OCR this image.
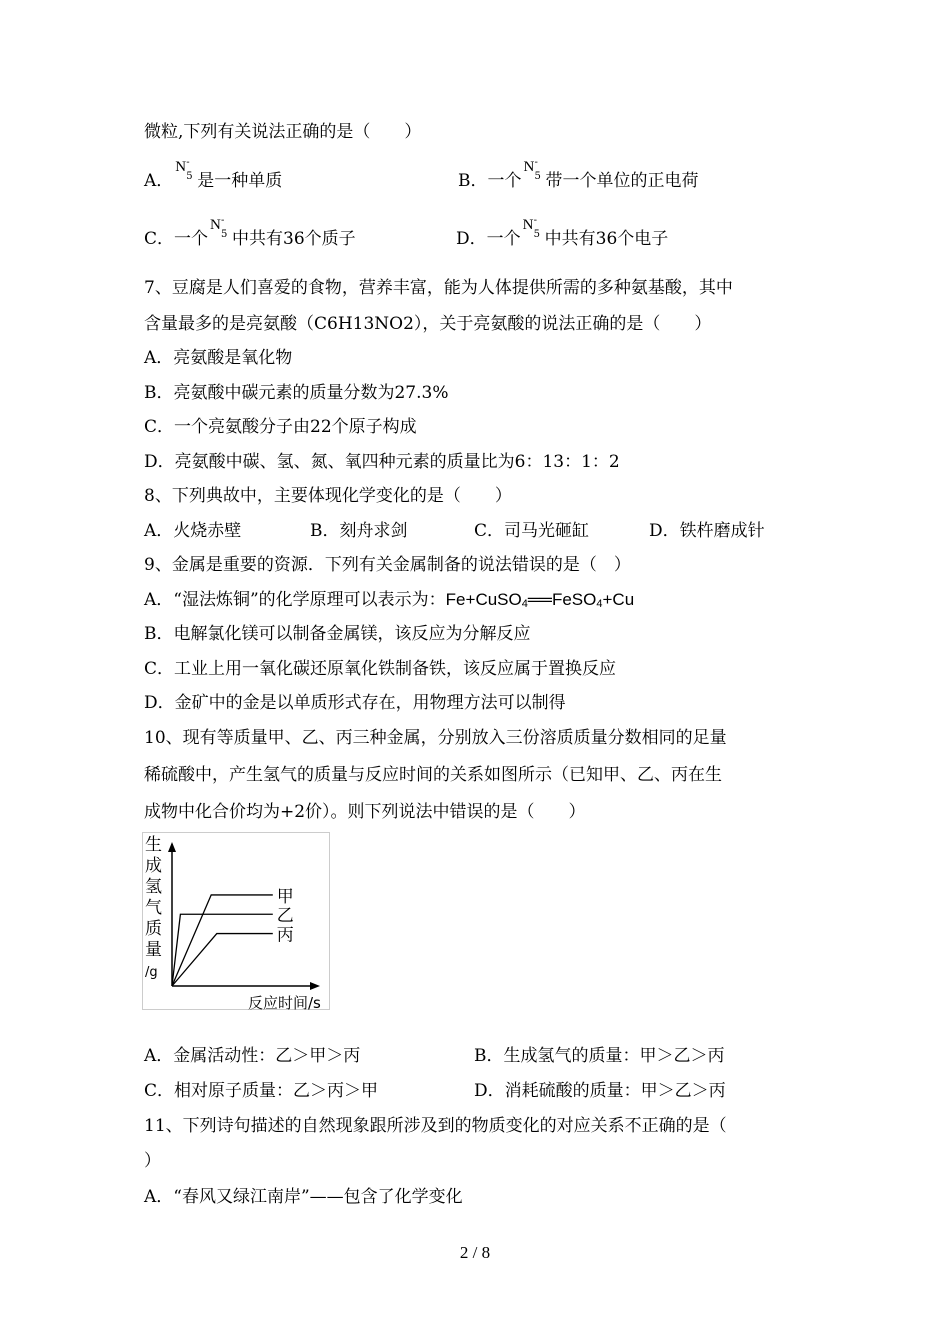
微粒,下列有关说法正确的是（　　）
A．
N -
5 是一种单质	B．一个
N -
5 带一个单位的正电荷
C．一个
N -
5 中共有36个质子	D．一个
N -
5 中共有36个电子
7、豆腐是人们喜爱的食物，营养丰富，能为人体提供所需的多种氨基酸，其中
含量最多的是亮氨酸（C6H13NO2），关于亮氨酸的说法正确的是（　　）
A．亮氨酸是氧化物
B．亮氨酸中碳元素的质量分数为27.3%
C．一个亮氨酸分子由22个原子构成
D．亮氨酸中碳、氢、氮、氧四种元素的质量比为6：13：1：2
8、下列典故中，主要体现化学变化的是（　　）
A．火烧赤壁	B．刻舟求剑	C．司马光砸缸	D．铁杵磨成针
9、金属是重要的资源．下列有关金属制备的说法错误的是（　）
A．“湿法炼铜”的化学原理可以表示为：Fe+CuSO4══FeSO4+Cu
B．电解氯化镁可以制备金属镁，该反应为分解反应
C．工业上用一氧化碳还原氧化铁制备铁，该反应属于置换反应
D．金矿中的金是以单质形式存在，用物理方法可以制得
10、现有等质量甲、乙、丙三种金属，分别放入三份溶质质量分数相同的足量
稀硫酸中，产生氢气的质量与反应时间的关系如图所示（已知甲、乙、丙在生
成物中化合价均为+2价）。则下列说法中错误的是（　　）
生
成
氢
气
质
量
/g
甲
乙
丙
反应时间/s
A．金属活动性：乙＞甲＞丙	B．生成氢气的质量：甲＞乙＞丙
C．相对原子质量：乙＞丙＞甲	D．消耗硫酸的质量：甲＞乙＞丙
11、下列诗句描述的自然现象跟所涉及到的物质变化的对应关系不正确的是（
）
A．“春风又绿江南岸”——包含了化学变化
2 / 8
